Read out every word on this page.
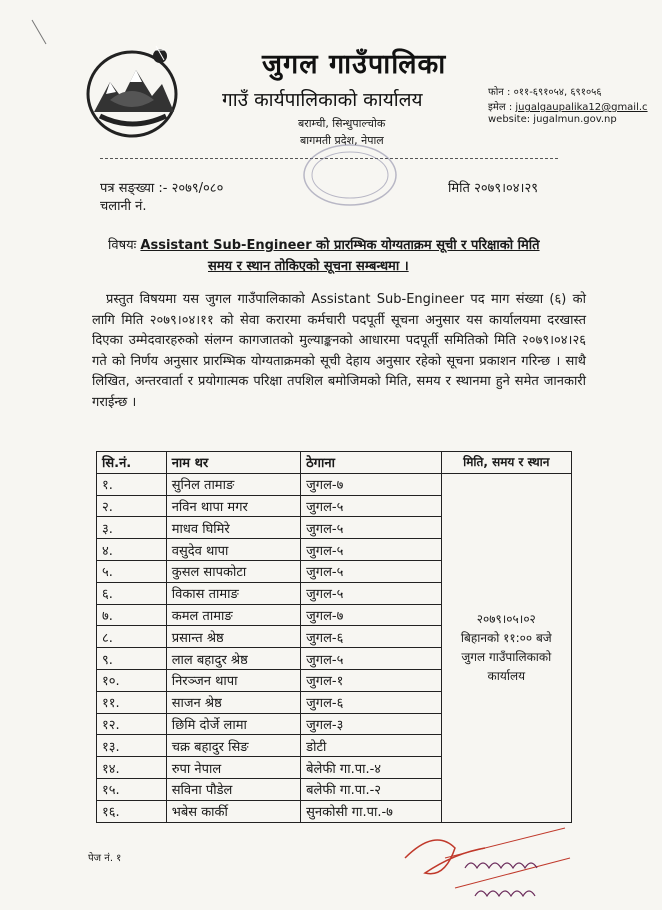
जुगल गाउँपालिका
गाउँ कार्यपालिकाको कार्यालय
बराम्ची, सिन्धुपाल्चोक
बागमती प्रदेश, नेपाल
फोन : ०११-६९१०५४, ६९१०५६
इमेल : jugalgaupalika12@gmail.c
website: jugalmun.gov.np
पत्र सङ्ख्या :- २०७९/०८०
चलानी नं.
मिति २०७९।०४।२९
विषयः Assistant Sub-Engineer को प्रारम्भिक योग्यताक्रम सूची र परिक्षाको मिति
समय र स्थान तोकिएको सूचना सम्बन्धमा ।
प्रस्तुत विषयमा यस जुगल गाउँपालिकाको Assistant Sub-Engineer पद माग संख्या (६) को लागि मिति २०७९।०४।११ को सेवा करारमा कर्मचारी पदपूर्ती सूचना अनुसार यस कार्यालयमा दरखास्त दिएका उम्मेदवारहरुको संलग्न कागजातको मुल्याङ्कनको आधारमा पदपूर्ती समितिको मिति २०७९।०४।२६ गते को निर्णय अनुसार प्रारम्भिक योग्यताक्रमको सूची देहाय अनुसार रहेको सूचना प्रकाशन गरिन्छ । साथै लिखित, अन्तरवार्ता र प्रयोगात्मक परिक्षा तपशिल बमोजिमको मिति, समय र स्थानमा हुने समेत जानकारी गराईन्छ ।
सि.नं.	नाम थर	ठेगाना	मिति, समय र स्थान
१.	सुनिल तामाङ	जुगल-७	२०७९।०५।०२
बिहानको ११:०० बजे
जुगल गाउँपालिकाको कार्यालय

२.	नविन थापा मगर	जुगल-५	
३.	माधव घिमिरे	जुगल-५	
४.	वसुदेव थापा	जुगल-५	
५.	कुसल सापकोटा	जुगल-५	
६.	विकास तामाङ	जुगल-५	
७.	कमल तामाङ	जुगल-७	
८.	प्रसान्त श्रेष्ठ	जुगल-६	
९.	लाल बहादुर श्रेष्ठ	जुगल-५	
१०.	निरञ्जन थापा	जुगल-१	
११.	साजन श्रेष्ठ	जुगल-६	
१२.	छिमि दोर्जे लामा	जुगल-३	
१३.	चक्र बहादुर सिङ	डोटी	
१४.	रुपा नेपाल	बेलेफी गा.पा.-४	
१५.	सविना पौडेल	बलेफी गा.पा.-२	
१६.	भबेस कार्की	सुनकोसी गा.पा.-७	
पेज नं. १
